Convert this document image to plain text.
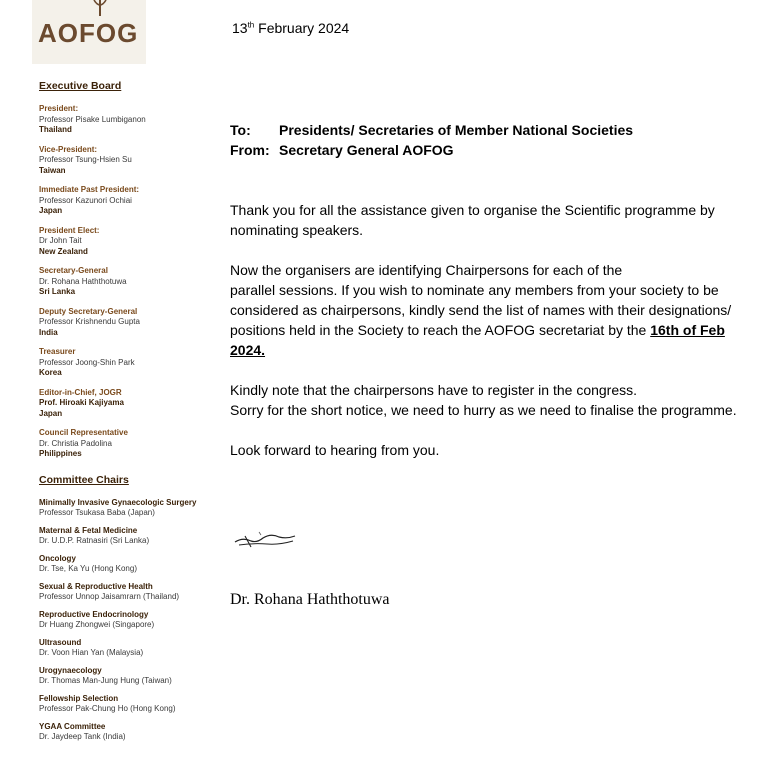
AOFOG
Executive Board
President:
Professor Pisake Lumbiganon
Thailand
Vice-President:
Professor Tsung-Hsien Su
Taiwan
Immediate Past President:
Professor Kazunori Ochiai
Japan
President Elect:
Dr John Tait
New Zealand
Secretary-General
Dr. Rohana Haththotuwa
Sri Lanka
Deputy Secretary-General
Professor Krishnendu Gupta
India
Treasurer
Professor Joong-Shin Park
Korea
Editor-in-Chief, JOGR
Prof. Hiroaki Kajiyama
Japan
Council Representative
Dr. Christia Padolina
Philippines
Committee Chairs
Minimally Invasive Gynaecologic Surgery
Professor Tsukasa Baba (Japan)
Maternal & Fetal Medicine
Dr. U.D.P. Ratnasiri (Sri Lanka)
Oncology
Dr. Tse, Ka Yu (Hong Kong)
Sexual & Reproductive Health
Professor Unnop Jaisamrarn (Thailand)
Reproductive Endocrinology
Dr Huang Zhongwei (Singapore)
Ultrasound
Dr. Voon Hian Yan (Malaysia)
Urogynaecology
Dr. Thomas Man-Jung Hung (Taiwan)
Fellowship Selection
Professor Pak-Chung Ho (Hong Kong)
YGAA Committee
Dr. Jaydeep Tank (India)
13th February 2024
To: Presidents/ Secretaries of Member National Societies
From: Secretary General AOFOG

Thank you for all the assistance given to organise the Scientific programme by nominating speakers.

Now the organisers are identifying Chairpersons for each of the
parallel sessions. If you wish to nominate any members from your society to be considered as chairpersons, kindly send the list of names with their designations/ positions held in the Society to reach the AOFOG secretariat by the 16th of Feb 2024.

Kindly note that the chairpersons have to register in the congress.
Sorry for the short notice, we need to hurry as we need to finalise the programme.

Look forward to hearing from you.

Dr. Rohana Haththotuwa
